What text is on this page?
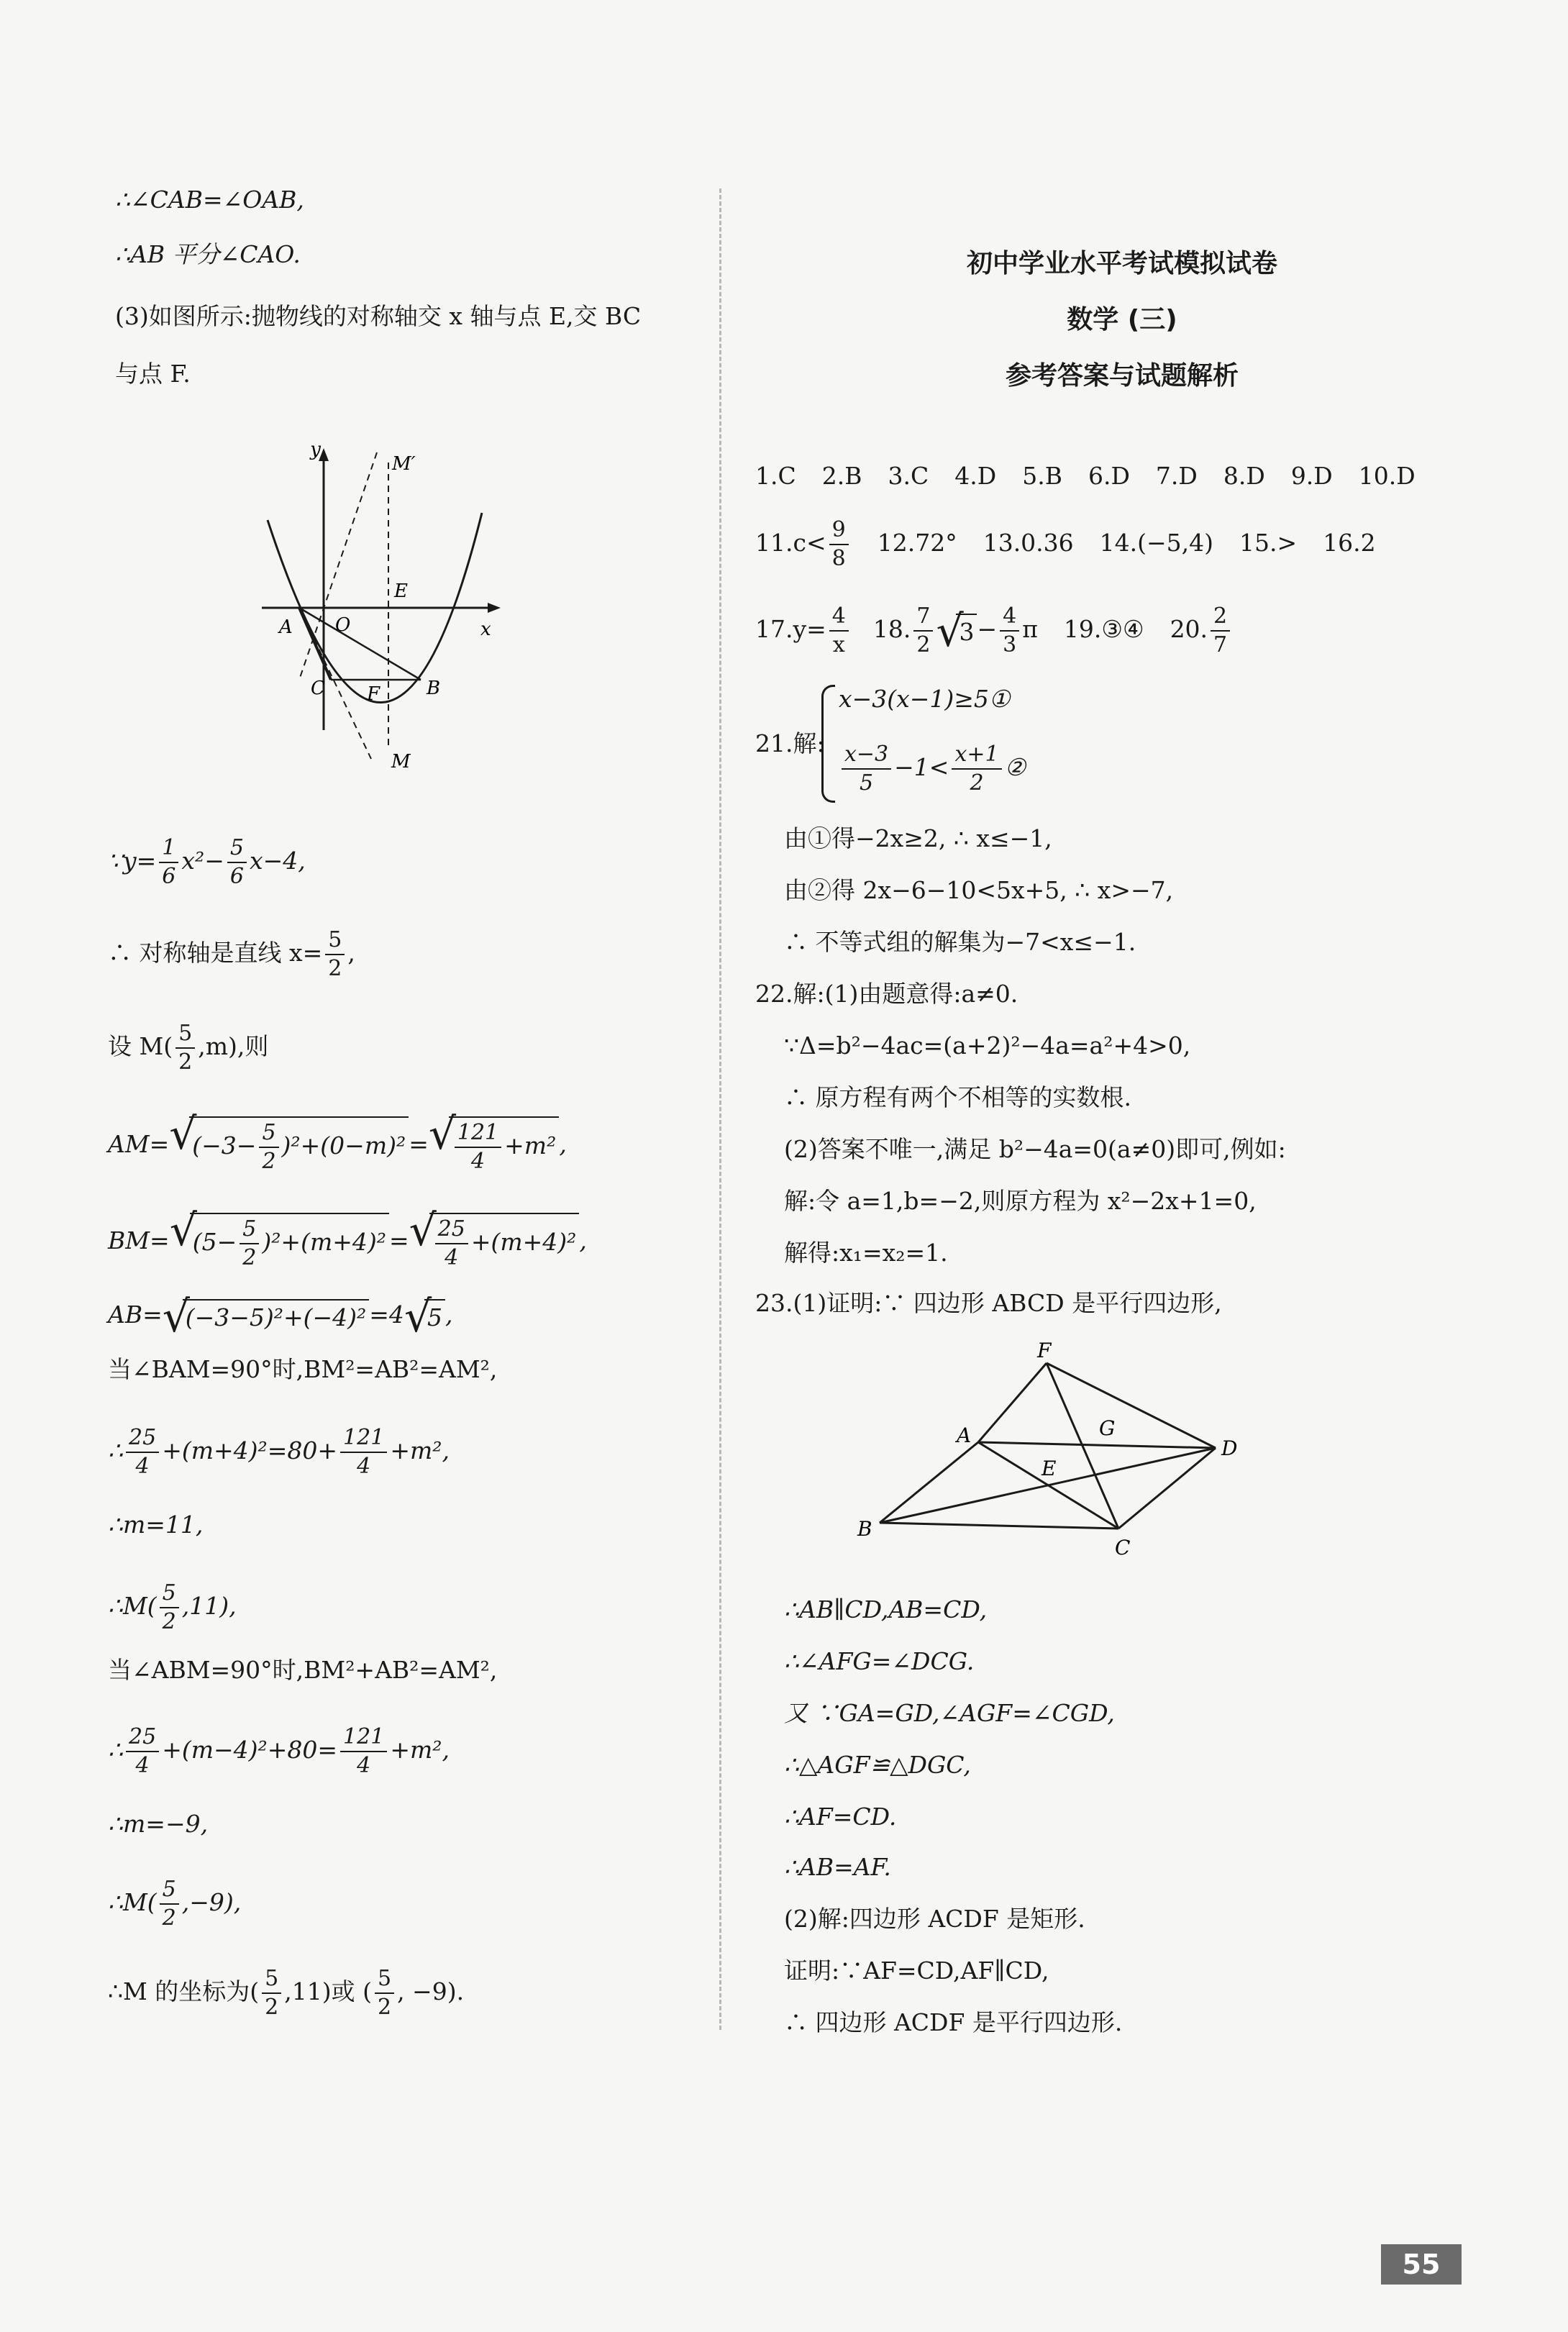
∴∠CAB=∠OAB,
∴AB 平分∠CAO.
(3)如图所示:抛物线的对称轴交 x 轴与点 E,交 BC
与点 F.
y
M′
E
A O	x
C F B
M
∵y= $\frac{1}{6} x^2- \frac{5}{6} x-4$,
∴ 对称轴是直线 $x= \frac{5}{2}$ ,
设 $M( \frac{5}{2} ,m)$,则
AM= √
$(-3- \frac{5}{2} )^2+(0-m)^2$ = √
$\frac{121}{4} +m^2$ ,
BM= √
$(5- \frac{5}{2} )^2+(m+4)^2$ = √
$\frac{25}{4} +(m+4)^2$ ,
AB= √
(−3−5)²+(−4)² =4 √
5 ,
当∠BAM=90°时,BM²=AB²=AM²,
∴ $\frac{25}{4} +(m+4)^2=80+ \frac{121}{4} +m^2$,
∴m=11,
∴M( $\frac{5}{2} ,11$),
当∠ABM=90°时,BM²+AB²=AM²,
∴ $\frac{25}{4} +(m-4)^2+80= \frac{121}{4} +m^2$,
∴m=−9,
∴M( $\frac{5}{2} ,-9$),
∴M 的坐标为( $\frac{5}{2} ,11$)或 ( $\frac{5}{2}$ , −9).
初中学业水平考试模拟试卷
数学 (三)
参考答案与试题解析
1.C 2.B 3.C 4.D 5.B 6.D 7.D 8.D 9.D 10.D
$11.c< \frac{9}{8} 12.72^\circ$ 13.0.36 14.(−5,4) 15.> 16.2
$17.y= \frac{4}{x} 18$. $\frac{7}{2}$ √
$3 - \frac{4}{3}$ π 19.③④ 20. $\frac{2}{7}$
21.解:
x−3(x−1)≥5①
$\frac{x-3}{5} -1< \frac{x+1}{2}$ ②
由①得−2x≥2, ∴ x≤−1,
由②得 2x−6−10<5x+5, ∴ x>−7,
∴ 不等式组的解集为−7<x≤−1.
22.解:(1)由题意得:a≠0.
∵Δ=b²−4ac=(a+2)²−4a=a²+4>0,
∴ 原方程有两个不相等的实数根.
(2)答案不唯一,满足 b²−4a=0(a≠0)即可,例如:
解:令 a=1,b=−2,则原方程为 x²−2x+1=0,
解得:x₁=x₂=1.
23.(1)证明:∵ 四边形 ABCD 是平行四边形,
F
A	G
D
E
B
C
∴AB∥CD,AB=CD,
∴∠AFG=∠DCG.
又 ∵GA=GD,∠AGF=∠CGD,
∴△AGF≌△DGC,
∴AF=CD.
∴AB=AF.
(2)解:四边形 ACDF 是矩形.
证明:∵AF=CD,AF∥CD,
∴ 四边形 ACDF 是平行四边形.
55
